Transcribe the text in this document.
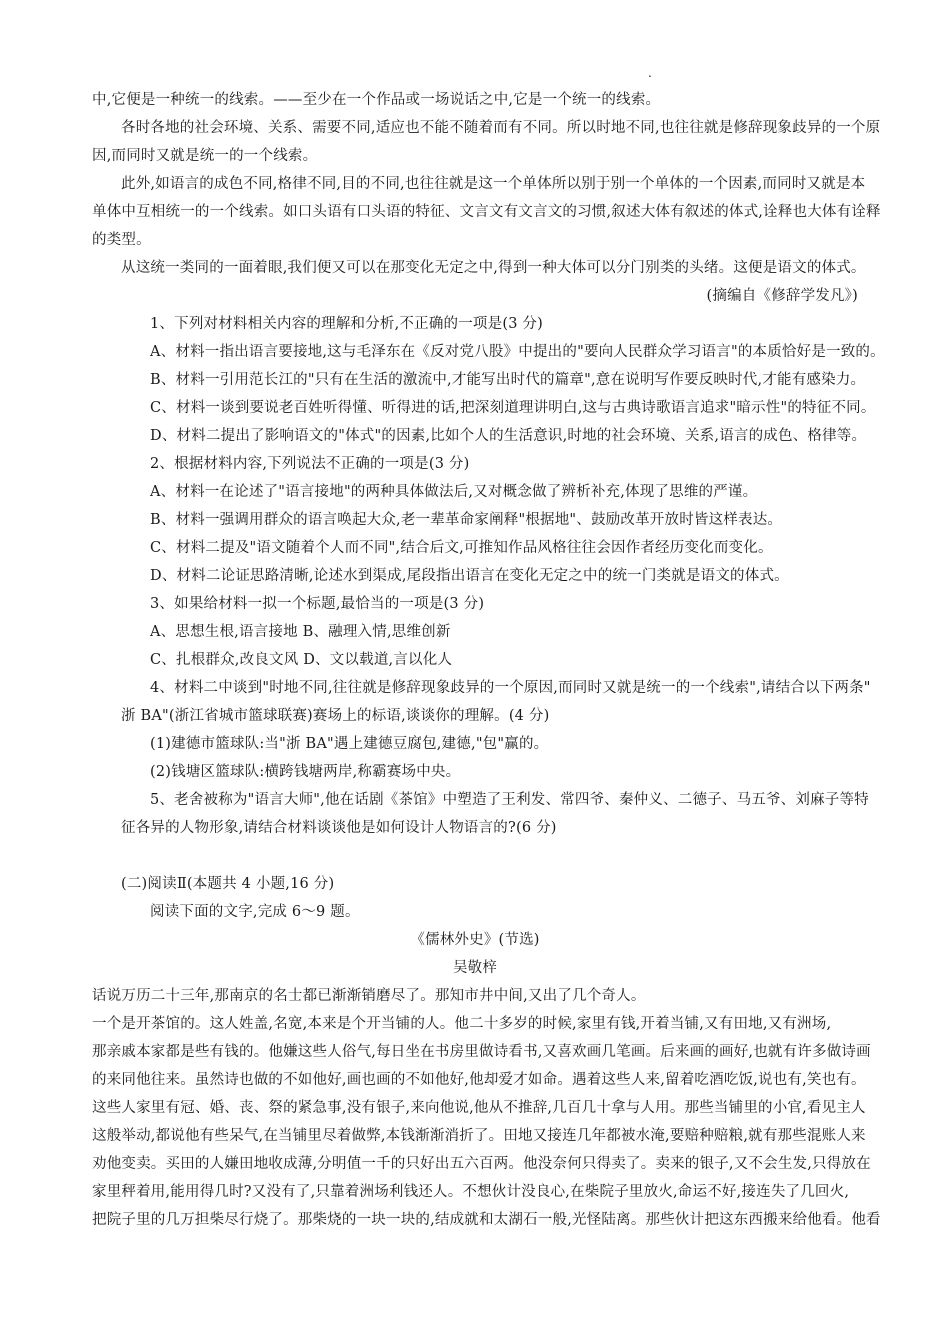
.
中,它便是一种统一的线索。——至少在一个作品或一场说话之中,它是一个统一的线索。
各时各地的社会环境、关系、需要不同,适应也不能不随着而有不同。所以时地不同,也往往就是修辞现象歧异的一个原
因,而同时又就是统一的一个线索。
此外,如语言的成色不同,格律不同,目的不同,也往往就是这一个单体所以别于别一个单体的一个因素,而同时又就是本
单体中互相统一的一个线索。如口头语有口头语的特征、文言文有文言文的习惯,叙述大体有叙述的体式,诠释也大体有诠释
的类型。
从这统一类同的一面着眼,我们便又可以在那变化无定之中,得到一种大体可以分门别类的头绪。这便是语文的体式。
(摘编自《修辞学发凡》)
1、下列对材料相关内容的理解和分析,不正确的一项是(3 分)
A、材料一指出语言要接地,这与毛泽东在《反对党八股》中提出的"要向人民群众学习语言"的本质恰好是一致的。
B、材料一引用范长江的"只有在生活的激流中,才能写出时代的篇章",意在说明写作要反映时代,才能有感染力。
C、材料一谈到要说老百姓听得懂、听得进的话,把深刻道理讲明白,这与古典诗歌语言追求"暗示性"的特征不同。
D、材料二提出了影响语文的"体式"的因素,比如个人的生活意识,时地的社会环境、关系,语言的成色、格律等。
2、根据材料内容,下列说法不正确的一项是(3 分)
A、材料一在论述了"语言接地"的两种具体做法后,又对概念做了辨析补充,体现了思维的严谨。
B、材料一强调用群众的语言唤起大众,老一辈革命家阐释"根据地"、鼓励改革开放时皆这样表达。
C、材料二提及"语文随着个人而不同",结合后文,可推知作品风格往往会因作者经历变化而变化。
D、材料二论证思路清晰,论述水到渠成,尾段指出语言在变化无定之中的统一门类就是语文的体式。
3、如果给材料一拟一个标题,最恰当的一项是(3 分)
A、思想生根,语言接地 B、融理入情,思维创新
C、扎根群众,改良文风 D、文以载道,言以化人
4、材料二中谈到"时地不同,往往就是修辞现象歧异的一个原因,而同时又就是统一的一个线索",请结合以下两条"
浙 BA"(浙江省城市篮球联赛)赛场上的标语,谈谈你的理解。(4 分)
(1)建德市篮球队:当"浙 BA"遇上建德豆腐包,建德,"包"赢的。
(2)钱塘区篮球队:横跨钱塘两岸,称霸赛场中央。
5、老舍被称为"语言大师",他在话剧《茶馆》中塑造了王利发、常四爷、秦仲义、二德子、马五爷、刘麻子等特
征各异的人物形象,请结合材料谈谈他是如何设计人物语言的?(6 分)
(二)阅读Ⅱ(本题共 4 小题,16 分)
阅读下面的文字,完成 6～9 题。
《儒林外史》(节选)
吴敬梓
话说万历二十三年,那南京的名士都已渐渐销磨尽了。那知市井中间,又出了几个奇人。
一个是开茶馆的。这人姓盖,名宽,本来是个开当铺的人。他二十多岁的时候,家里有钱,开着当铺,又有田地,又有洲场,
那亲戚本家都是些有钱的。他嫌这些人俗气,每日坐在书房里做诗看书,又喜欢画几笔画。后来画的画好,也就有许多做诗画
的来同他往来。虽然诗也做的不如他好,画也画的不如他好,他却爱才如命。遇着这些人来,留着吃酒吃饭,说也有,笑也有。
这些人家里有冠、婚、丧、祭的紧急事,没有银子,来向他说,他从不推辞,几百几十拿与人用。那些当铺里的小官,看见主人
这般举动,都说他有些呆气,在当铺里尽着做弊,本钱渐渐消折了。田地又接连几年都被水淹,要赔种赔粮,就有那些混账人来
劝他变卖。买田的人嫌田地收成薄,分明值一千的只好出五六百两。他没奈何只得卖了。卖来的银子,又不会生发,只得放在
家里秤着用,能用得几时?又没有了,只靠着洲场利钱还人。不想伙计没良心,在柴院子里放火,命运不好,接连失了几回火,
把院子里的几万担柴尽行烧了。那柴烧的一块一块的,结成就和太湖石一般,光怪陆离。那些伙计把这东西搬来给他看。他看
